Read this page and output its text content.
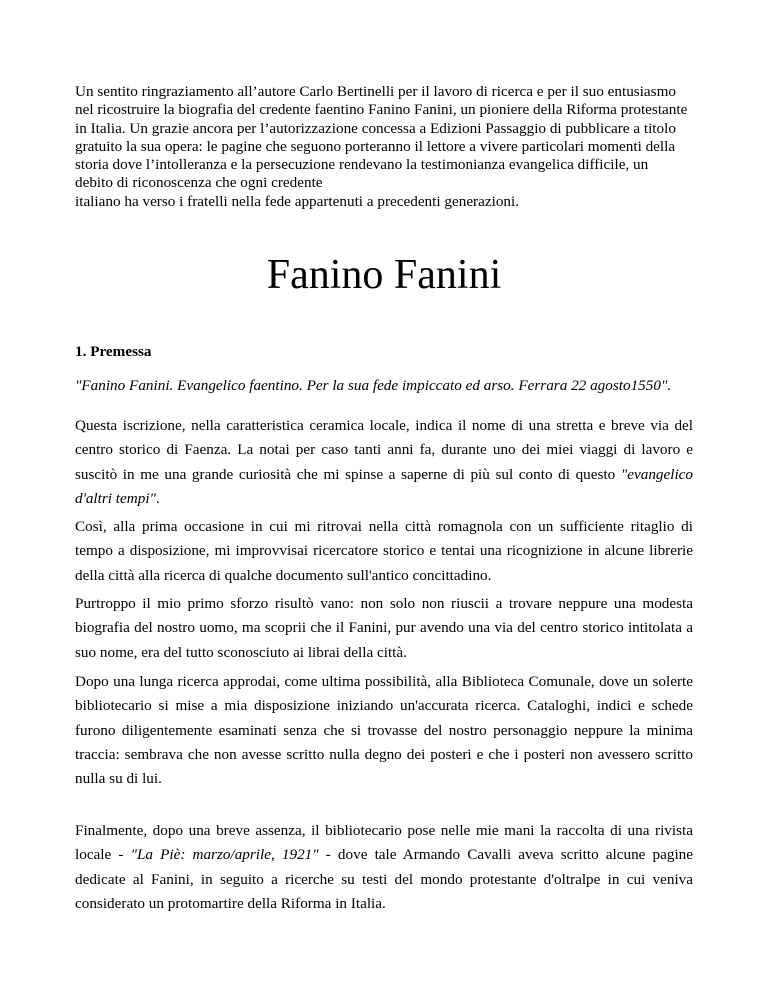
Un sentito ringraziamento all’autore Carlo Bertinelli per il lavoro di ricerca e per il suo entusiasmo
nel ricostruire la biografia del credente faentino Fanino Fanini, un pioniere della Riforma protestante
in Italia. Un grazie ancora per l’autorizzazione concessa a Edizioni Passaggio di pubblicare a titolo
gratuito la sua opera: le pagine che seguono porteranno il lettore a vivere particolari momenti della
storia dove l’intolleranza e la persecuzione rendevano la testimonianza evangelica difficile, un
debito di riconoscenza che ogni credente
italiano ha verso i fratelli nella fede appartenuti a precedenti generazioni.

Fanino Fanini
1. Premessa

"Fanino Fanini. Evangelico faentino. Per la sua fede impiccato ed arso. Ferrara 22 agosto1550".

Questa iscrizione, nella caratteristica ceramica locale, indica il nome di una stretta e breve via del
centro storico di Faenza. La notai per caso tanti anni fa, durante uno dei miei viaggi di lavoro e
suscitò in me una grande curiosità che mi spinse a saperne di più sul conto di questo "evangelico
d'altri tempi".

Così, alla prima occasione in cui mi ritrovai nella città romagnola con un sufficiente ritaglio di
tempo a disposizione, mi improvvisai ricercatore storico e tentai una ricognizione in alcune librerie
della città alla ricerca di qualche documento sull'antico concittadino.

Purtroppo il mio primo sforzo risultò vano: non solo non riuscii a trovare neppure una modesta
biografia del nostro uomo, ma scoprii che il Fanini, pur avendo una via del centro storico intitolata a
suo nome, era del tutto sconosciuto ai librai della città.

Dopo una lunga ricerca approdai, come ultima possibilità, alla Biblioteca Comunale, dove un solerte
bibliotecario si mise a mia disposizione iniziando un'accurata ricerca. Cataloghi, indici e schede
furono diligentemente esaminati senza che si trovasse del nostro personaggio neppure la minima
traccia: sembrava che non avesse scritto nulla degno dei posteri e che i posteri non avessero scritto
nulla su di lui.

Finalmente, dopo una breve assenza, il bibliotecario pose nelle mie mani la raccolta di una rivista
locale - "La Piè: marzo/aprile, 1921" - dove tale Armando Cavalli aveva scritto alcune pagine
dedicate al Fanini, in seguito a ricerche su testi del mondo protestante d'oltralpe in cui veniva
considerato un protomartire della Riforma in Italia.
